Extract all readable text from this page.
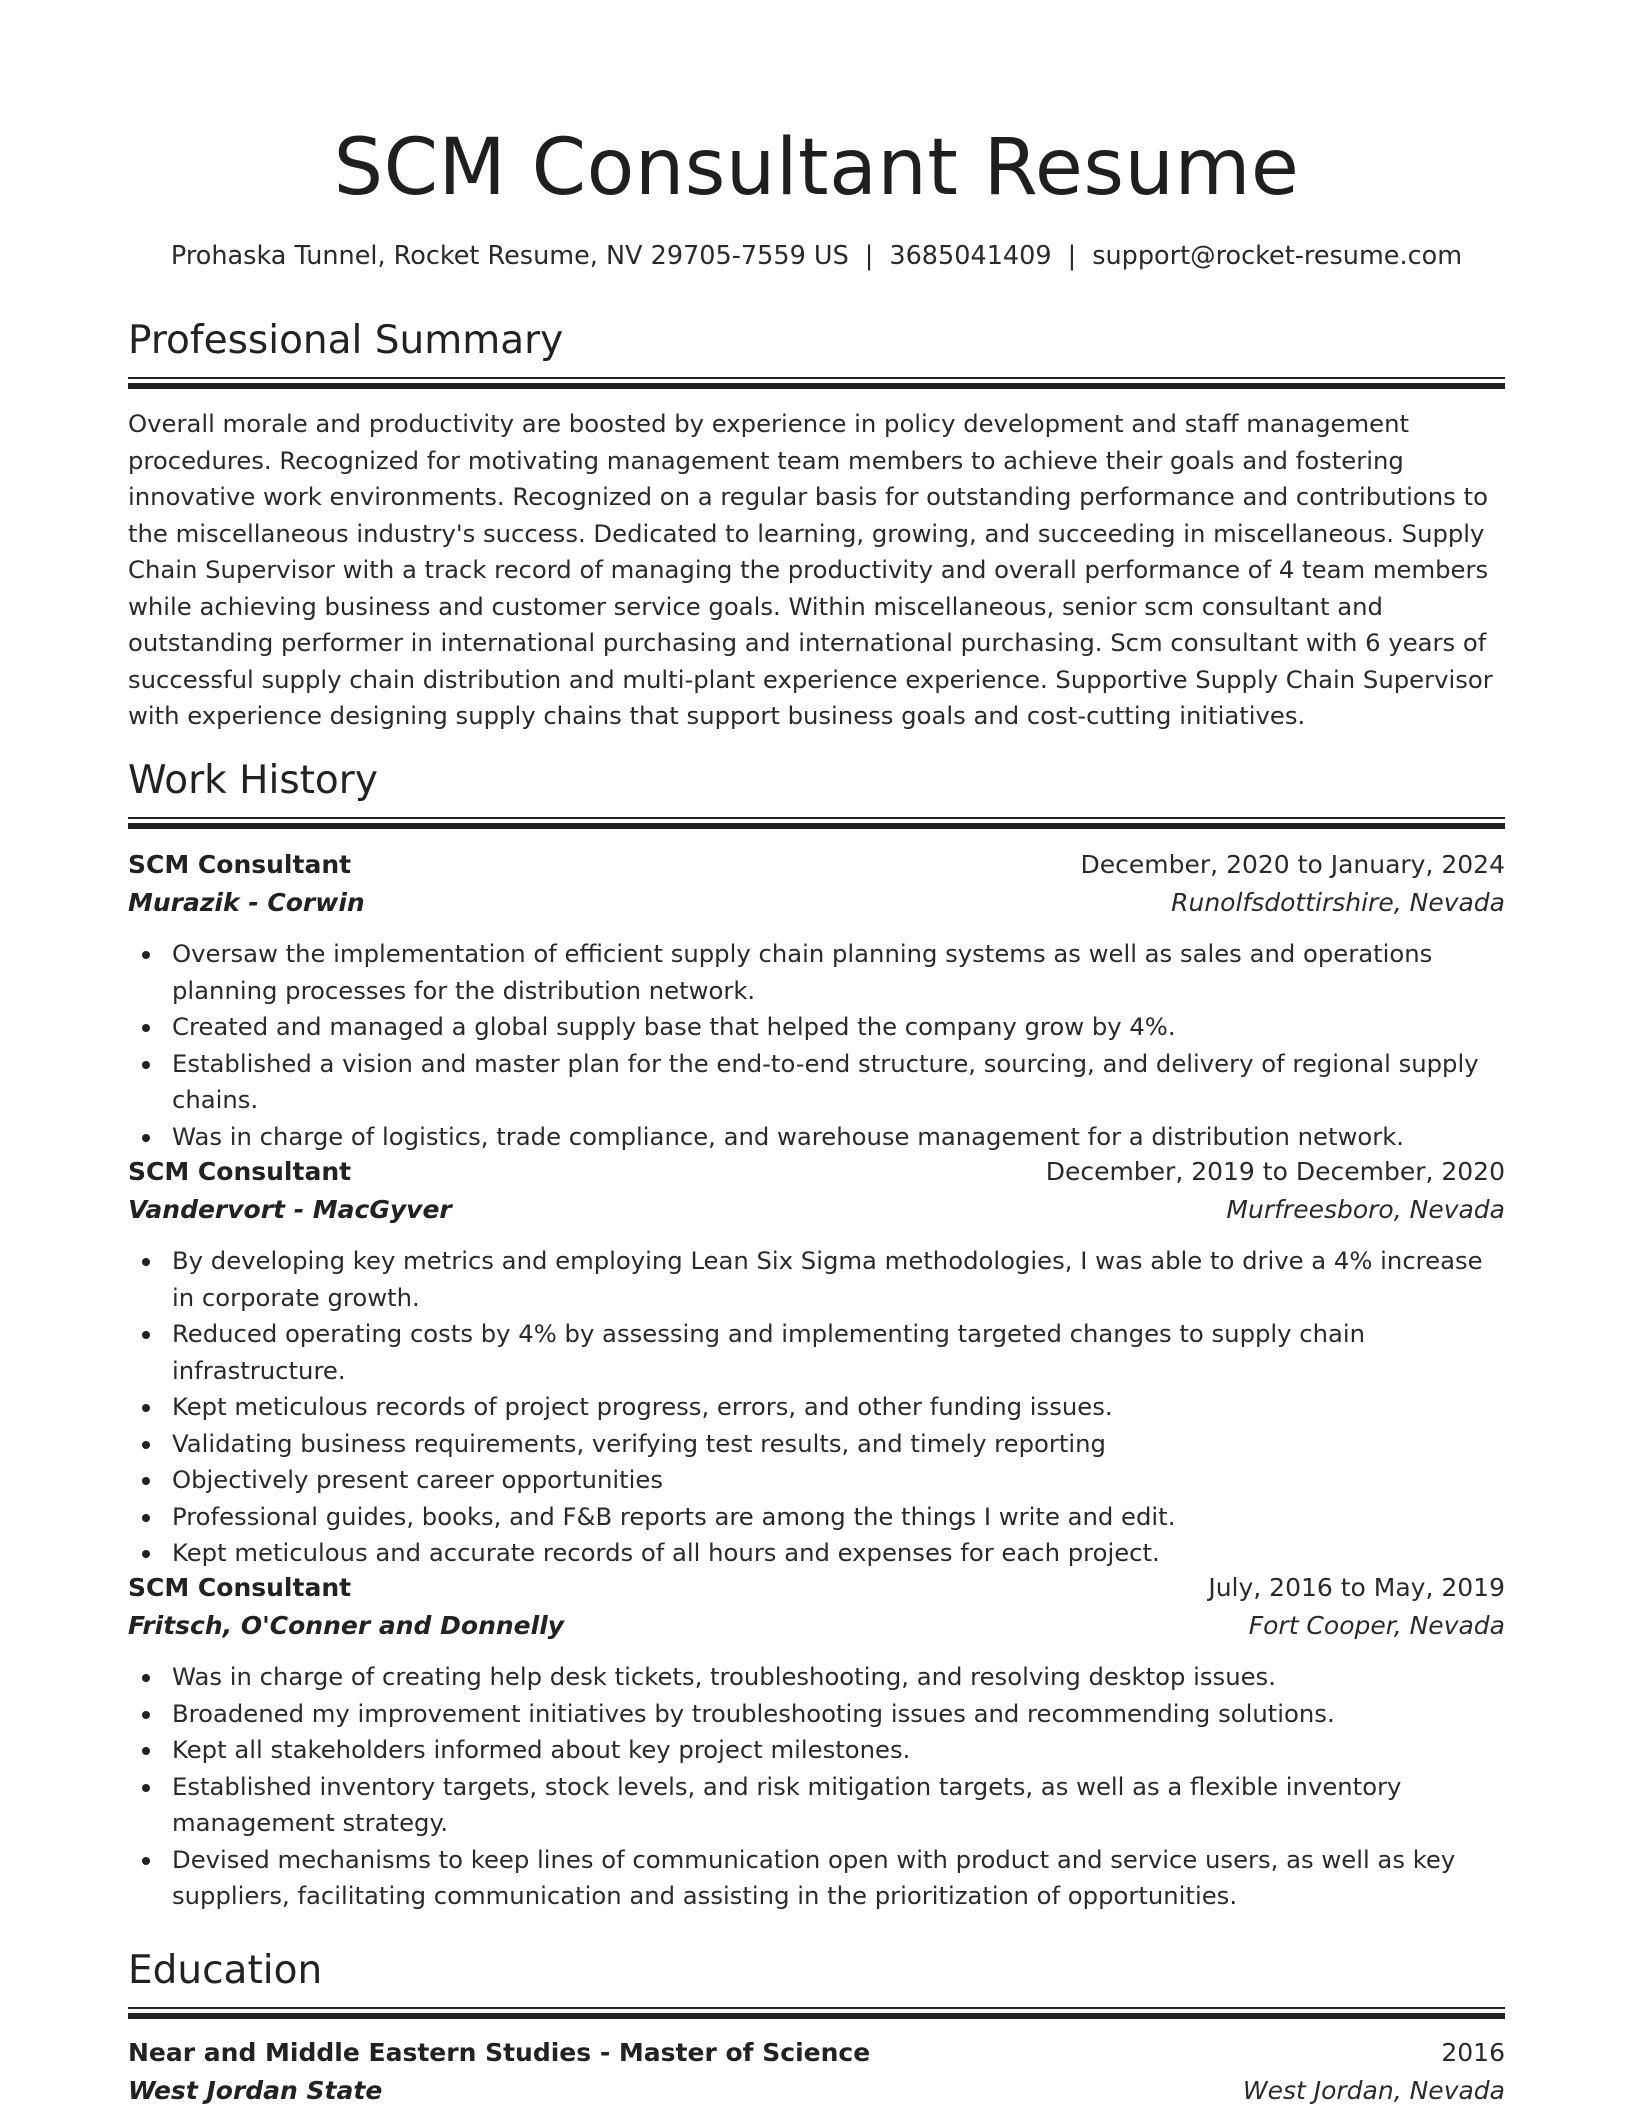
SCM Consultant Resume
Prohaska Tunnel, Rocket Resume, NV 29705-7559 US | 3685041409 | support@rocket-resume.com
Professional Summary
Overall morale and productivity are boosted by experience in policy development and staff management procedures. Recognized for motivating management team members to achieve their goals and fostering innovative work environments. Recognized on a regular basis for outstanding performance and contributions to the miscellaneous industry's success. Dedicated to learning, growing, and succeeding in miscellaneous. Supply Chain Supervisor with a track record of managing the productivity and overall performance of 4 team members while achieving business and customer service goals. Within miscellaneous, senior scm consultant and outstanding performer in international purchasing and international purchasing. Scm consultant with 6 years of successful supply chain distribution and multi-plant experience experience. Supportive Supply Chain Supervisor with experience designing supply chains that support business goals and cost-cutting initiatives.
Work History
SCM Consultant	December, 2020 to January, 2024
Murazik - Corwin	Runolfsdottirshire, Nevada
Oversaw the implementation of efficient supply chain planning systems as well as sales and operations planning processes for the distribution network.
Created and managed a global supply base that helped the company grow by 4%.
Established a vision and master plan for the end-to-end structure, sourcing, and delivery of regional supply chains.
Was in charge of logistics, trade compliance, and warehouse management for a distribution network.
SCM Consultant	December, 2019 to December, 2020
Vandervort - MacGyver	Murfreesboro, Nevada
By developing key metrics and employing Lean Six Sigma methodologies, I was able to drive a 4% increase in corporate growth.
Reduced operating costs by 4% by assessing and implementing targeted changes to supply chain infrastructure.
Kept meticulous records of project progress, errors, and other funding issues.
Validating business requirements, verifying test results, and timely reporting
Objectively present career opportunities
Professional guides, books, and F&B reports are among the things I write and edit.
Kept meticulous and accurate records of all hours and expenses for each project.
SCM Consultant	July, 2016 to May, 2019
Fritsch, O'Conner and Donnelly	Fort Cooper, Nevada
Was in charge of creating help desk tickets, troubleshooting, and resolving desktop issues.
Broadened my improvement initiatives by troubleshooting issues and recommending solutions.
Kept all stakeholders informed about key project milestones.
Established inventory targets, stock levels, and risk mitigation targets, as well as a flexible inventory management strategy.
Devised mechanisms to keep lines of communication open with product and service users, as well as key suppliers, facilitating communication and assisting in the prioritization of opportunities.
Education
Near and Middle Eastern Studies - Master of Science	2016
West Jordan State	West Jordan, Nevada
